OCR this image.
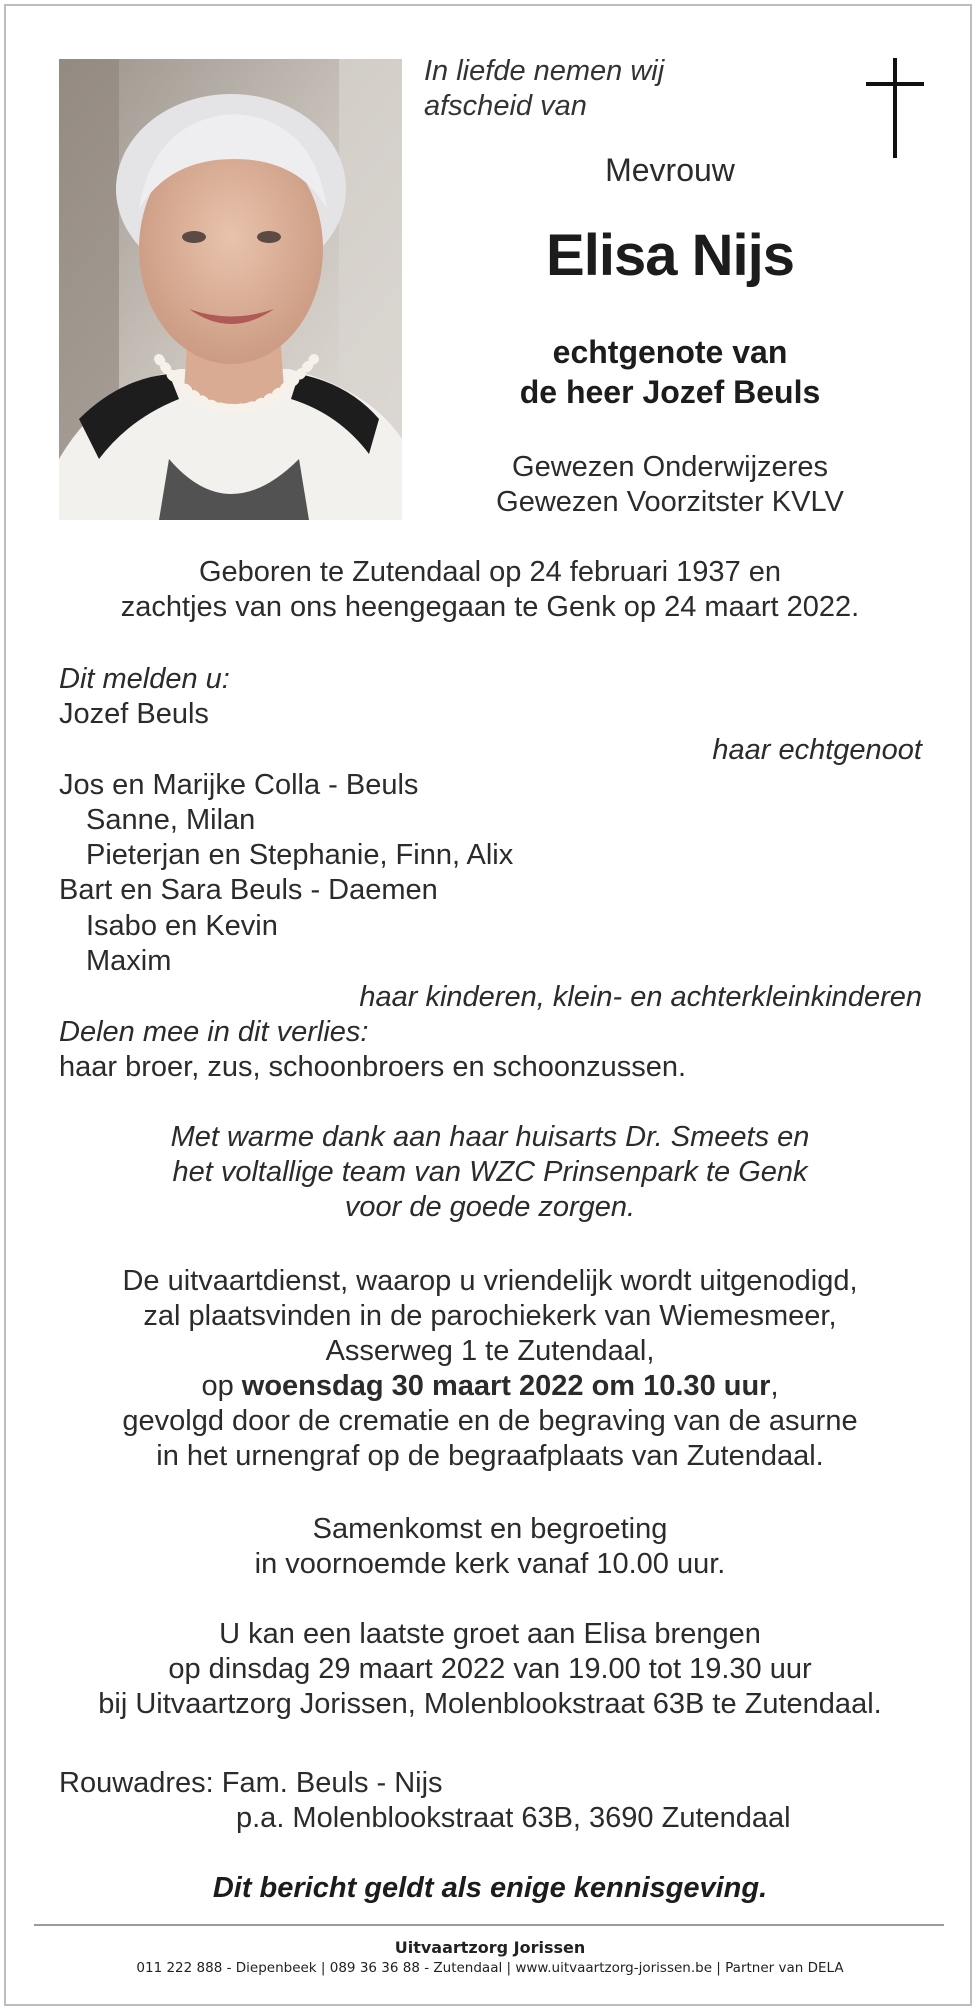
In liefde nemen wij
afscheid van
Mevrouw
Elisa Nijs
echtgenote van
de heer Jozef Beuls
Gewezen Onderwijzeres
Gewezen Voorzitster KVLV
Geboren te Zutendaal op 24 februari 1937 en
zachtjes van ons heengegaan te Genk op 24 maart 2022.
Dit melden u:
Jozef Beuls
haar echtgenoot
Jos en Marijke Colla - Beuls
Sanne, Milan
Pieterjan en Stephanie, Finn, Alix
Bart en Sara Beuls - Daemen
Isabo en Kevin
Maxim
haar kinderen, klein- en achterkleinkinderen
Delen mee in dit verlies:
haar broer, zus, schoonbroers en schoonzussen.
Met warme dank aan haar huisarts Dr. Smeets en
het voltallige team van WZC Prinsenpark te Genk
voor de goede zorgen.
De uitvaartdienst, waarop u vriendelijk wordt uitgenodigd,
zal plaatsvinden in de parochiekerk van Wiemesmeer,
Asserweg 1 te Zutendaal,
op woensdag 30 maart 2022 om 10.30 uur,
gevolgd door de crematie en de begraving van de asurne
in het urnengraf op de begraafplaats van Zutendaal.
Samenkomst en begroeting
in voornoemde kerk vanaf 10.00 uur.
U kan een laatste groet aan Elisa brengen
op dinsdag 29 maart 2022 van 19.00 tot 19.30 uur
bij Uitvaartzorg Jorissen, Molenblookstraat 63B te Zutendaal.
Rouwadres: Fam. Beuls - Nijs
p.a. Molenblookstraat 63B, 3690 Zutendaal
Dit bericht geldt als enige kennisgeving.
Uitvaartzorg Jorissen
011 222 888 - Diepenbeek | 089 36 36 88 - Zutendaal | www.uitvaartzorg-jorissen.be | Partner van DELA
